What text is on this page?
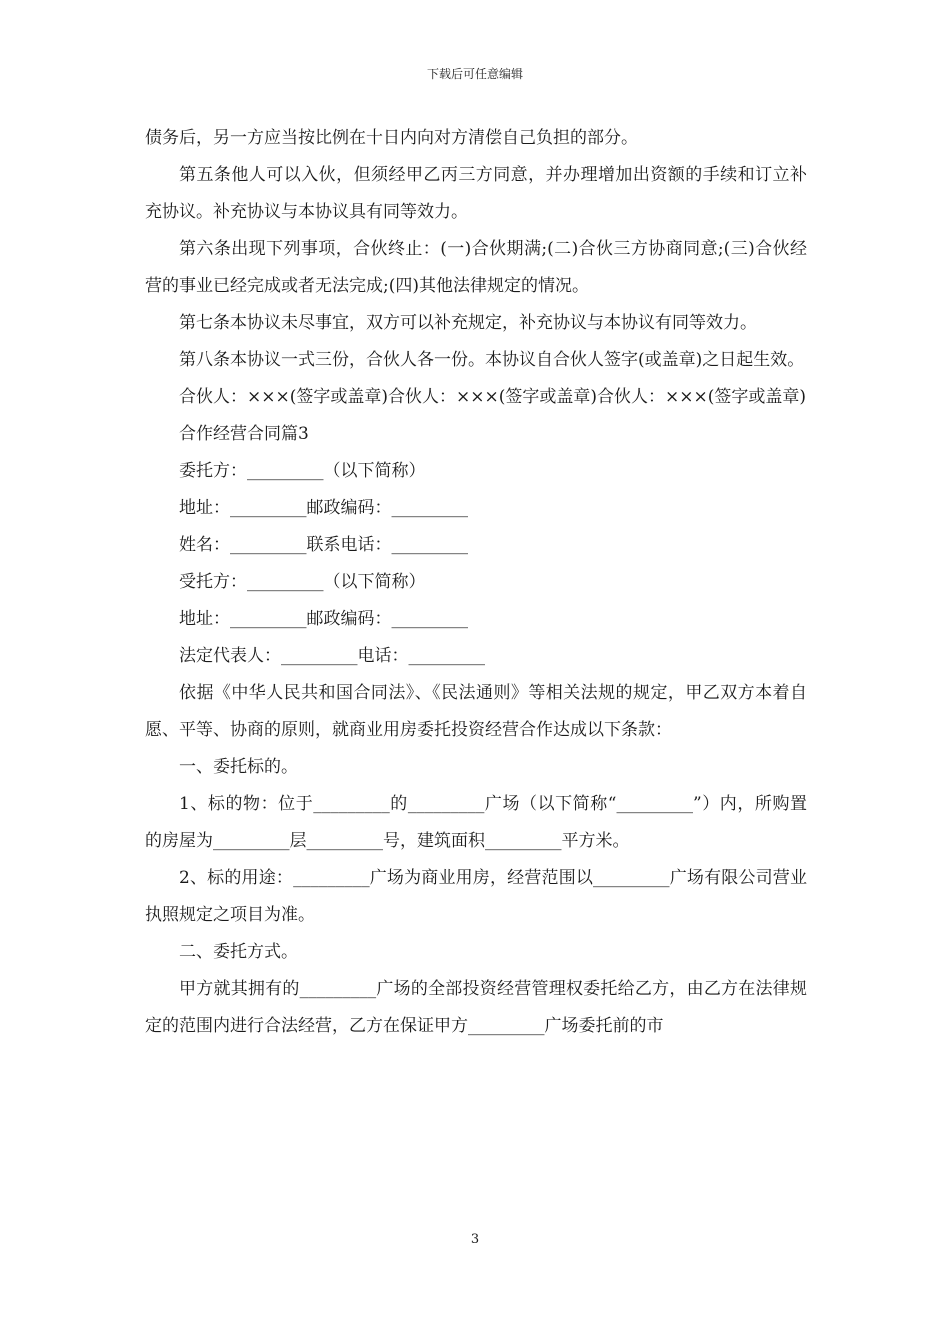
下载后可任意编辑

债务后，另一方应当按比例在十日内向对方清偿自己负担的部分。

第五条他人可以入伙，但须经甲乙丙三方同意，并办理增加出资额的手续和订立补充协议。补充协议与本协议具有同等效力。

第六条出现下列事项，合伙终止：(一)合伙期满;(二)合伙三方协商同意;(三)合伙经营的事业已经完成或者无法完成;(四)其他法律规定的情况。

第七条本协议未尽事宜，双方可以补充规定，补充协议与本协议有同等效力。

第八条本协议一式三份，合伙人各一份。本协议自合伙人签字(或盖章)之日起生效。

合伙人：×××(签字或盖章)合伙人：×××(签字或盖章)合伙人：×××(签字或盖章)

合作经营合同篇3

委托方：_________（以下简称）

地址：_________邮政编码：_________

姓名：_________联系电话：_________

受托方：_________（以下简称）

地址：_________邮政编码：_________

法定代表人：_________电话：_________

依据《中华人民共和国合同法》、《民法通则》等相关法规的规定，甲乙双方本着自愿、平等、协商的原则，就商业用房委托投资经营合作达成以下条款：

一、委托标的。

1、标的物：位于_________的_________广场（以下简称“_________”）内，所购置的房屋为_________层_________号，建筑面积_________平方米。

2、标的用途：_________广场为商业用房，经营范围以_________广场有限公司营业执照规定之项目为准。

二、委托方式。

甲方就其拥有的_________广场的全部投资经营管理权委托给乙方，由乙方在法律规定的范围内进行合法经营，乙方在保证甲方_________广场委托前的市

3
